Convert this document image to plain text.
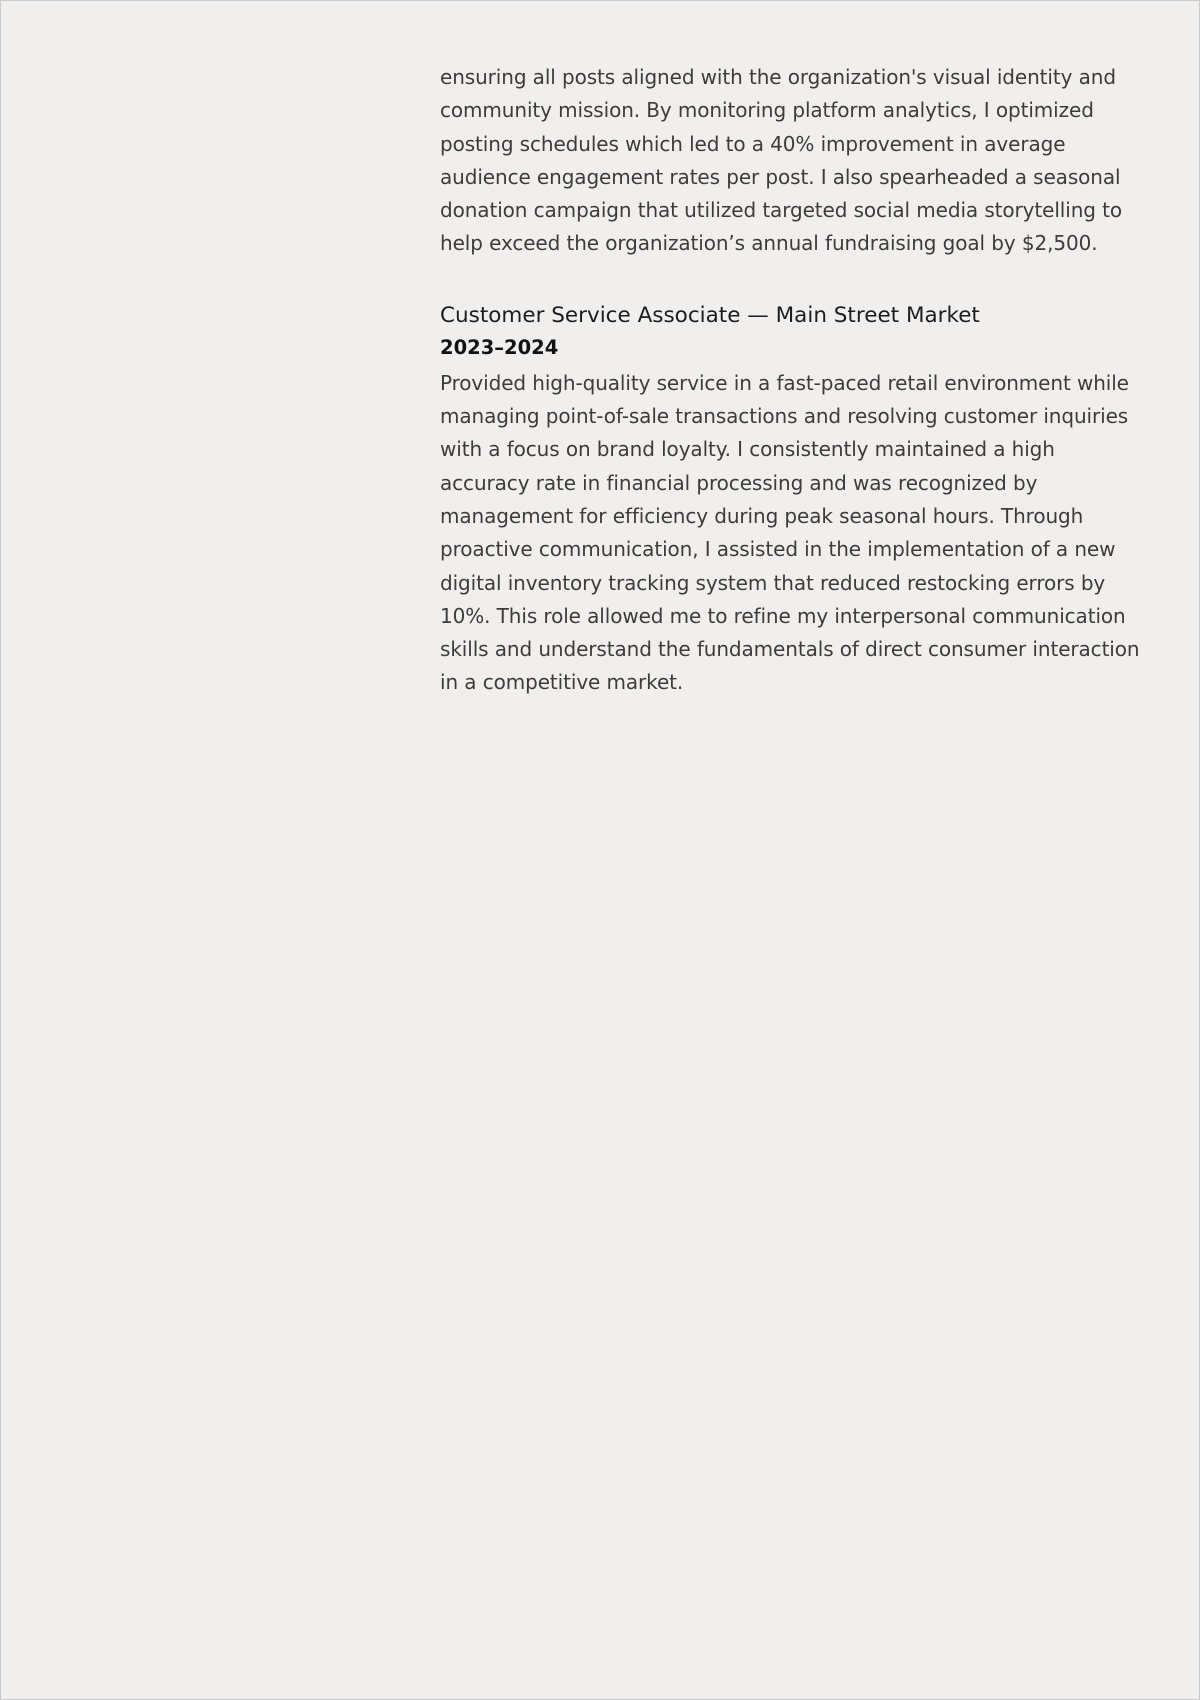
ensuring all posts aligned with the organization's visual identity and community mission. By monitoring platform analytics, I optimized posting schedules which led to a 40% improvement in average audience engagement rates per post. I also spearheaded a seasonal donation campaign that utilized targeted social media storytelling to help exceed the organization’s annual fundraising goal by $2,500.

Customer Service Associate — Main Street Market

2023–2024

Provided high-quality service in a fast-paced retail environment while managing point-of-sale transactions and resolving customer inquiries with a focus on brand loyalty. I consistently maintained a high accuracy rate in financial processing and was recognized by management for efficiency during peak seasonal hours. Through proactive communication, I assisted in the implementation of a new digital inventory tracking system that reduced restocking errors by 10%. This role allowed me to refine my interpersonal communication skills and understand the fundamentals of direct consumer interaction in a competitive market.
